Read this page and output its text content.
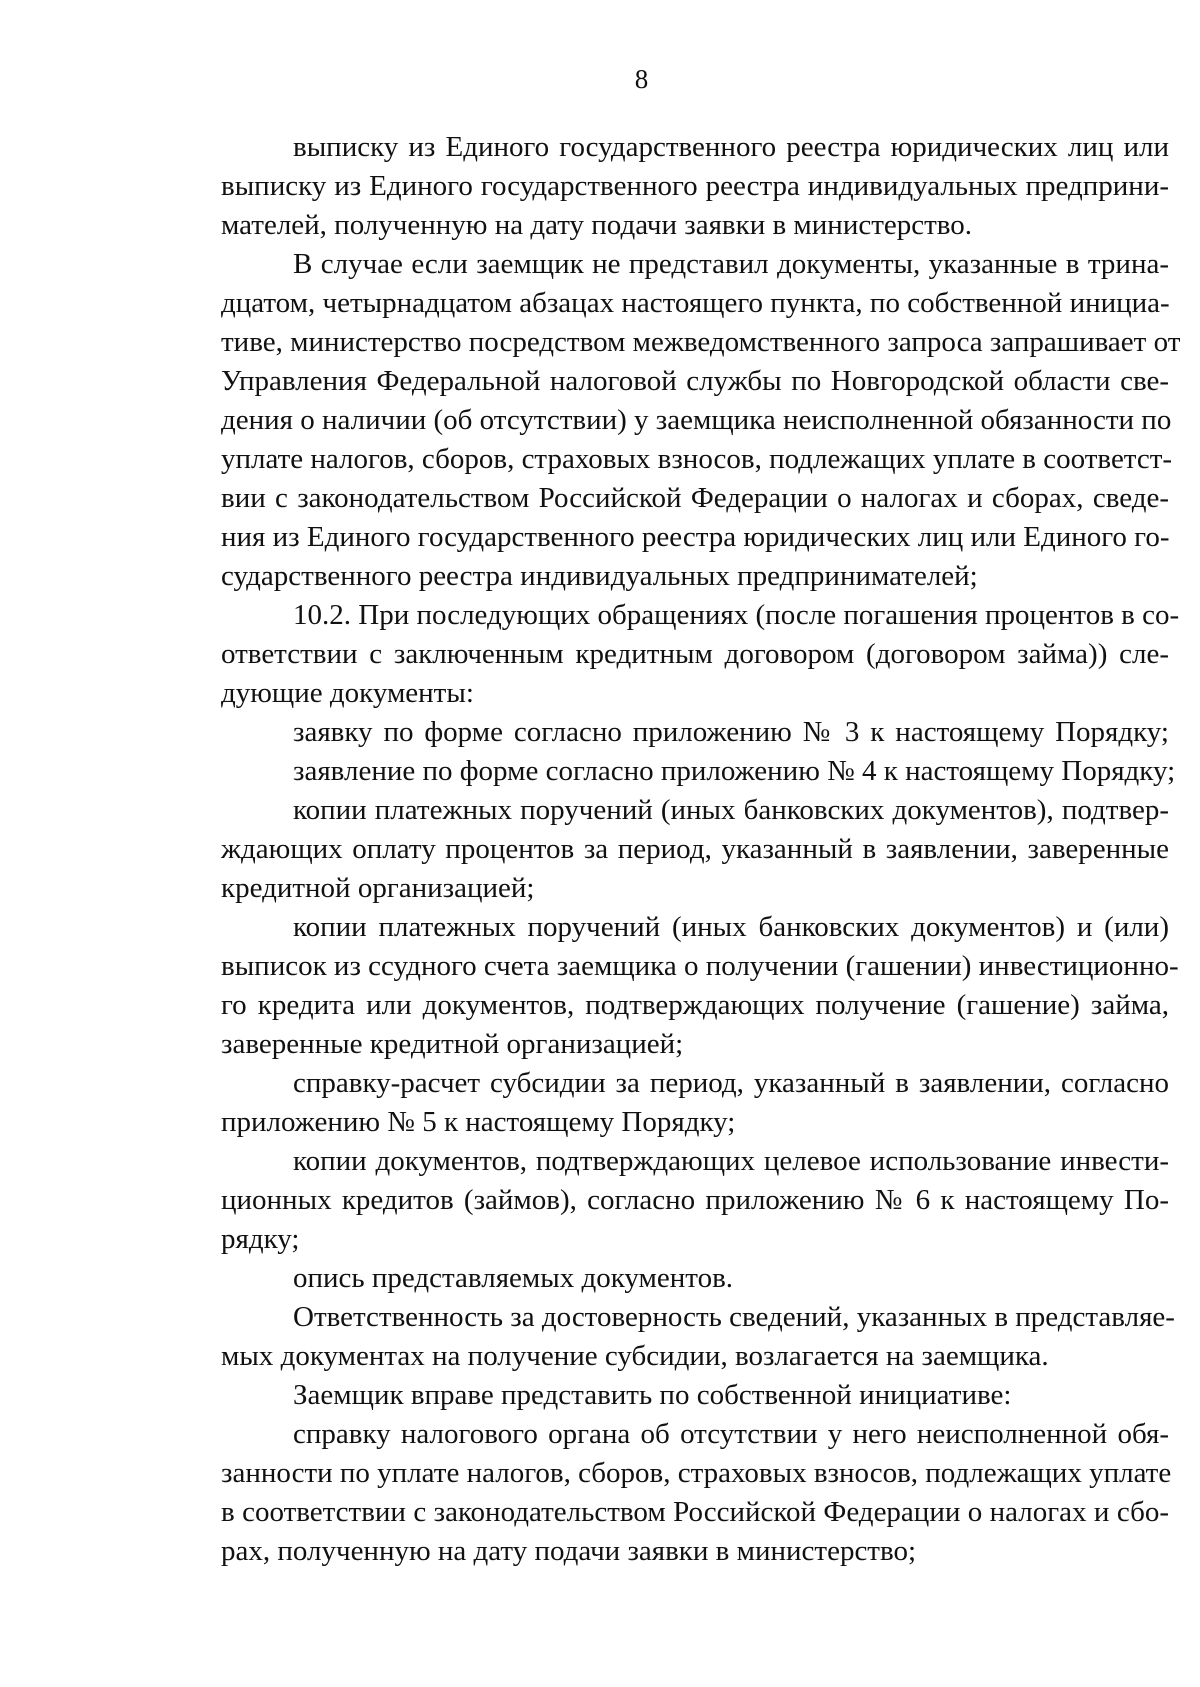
8
выписку из Единого государственного реестра юридических лиц или
выписку из Единого государственного реестра индивидуальных предприни-
мателей, полученную на дату подачи заявки в министерство.
В случае если заемщик не представил документы, указанные в трина-
дцатом, четырнадцатом абзацах настоящего пункта, по собственной инициа-
тиве, министерство посредством межведомственного запроса запрашивает от
Управления Федеральной налоговой службы по Новгородской области све-
дения о наличии (об отсутствии) у заемщика неисполненной обязанности по
уплате налогов, сборов, страховых взносов, подлежащих уплате в соответст-
вии с законодательством Российской Федерации о налогах и сборах, сведе-
ния из Единого государственного реестра юридических лиц или Единого го-
сударственного реестра индивидуальных предпринимателей;
10.2. При последующих обращениях (после погашения процентов в со-
ответствии с заключенным кредитным договором (договором займа)) сле-
дующие документы:
заявку по форме согласно приложению № 3 к настоящему Порядку;
заявление по форме согласно приложению № 4 к настоящему Порядку;
копии платежных поручений (иных банковских документов), подтвер-
ждающих оплату процентов за период, указанный в заявлении, заверенные
кредитной организацией;
копии платежных поручений (иных банковских документов) и (или)
выписок из ссудного счета заемщика о получении (гашении) инвестиционно-
го кредита или документов, подтверждающих получение (гашение) займа,
заверенные кредитной организацией;
справку-расчет субсидии за период, указанный в заявлении, согласно
приложению № 5 к настоящему Порядку;
копии документов, подтверждающих целевое использование инвести-
ционных кредитов (займов), согласно приложению № 6 к настоящему По-
рядку;
опись представляемых документов.
Ответственность за достоверность сведений, указанных в представляе-
мых документах на получение субсидии, возлагается на заемщика.
Заемщик вправе представить по собственной инициативе:
справку налогового органа об отсутствии у него неисполненной обя-
занности по уплате налогов, сборов, страховых взносов, подлежащих уплате
в соответствии с законодательством Российской Федерации о налогах и сбо-
рах, полученную на дату подачи заявки в министерство;
